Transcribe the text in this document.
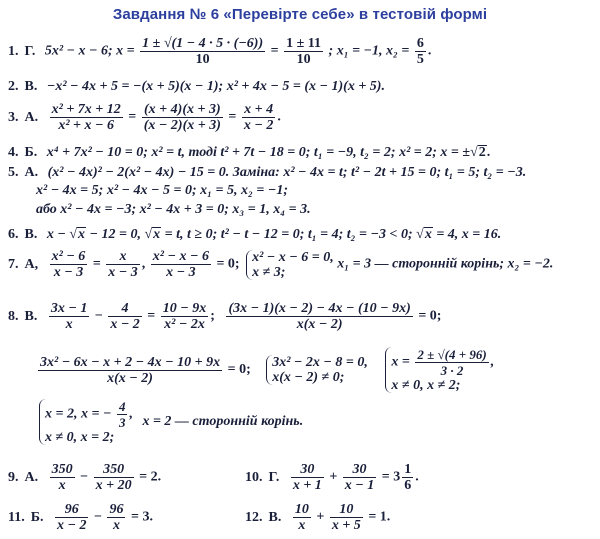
Завдання № 6 «Перевірте себе» в тестовій формі
1. Г. 5x² − x − 6; $x = \frac{1 \pm √(1 - 4 \cdot 5 \cdot (-6))}{10} = \frac{1 \pm 11}{10}$ ; x₁ = −1, $x_2 = \frac{6}{5}$ .
2. В. −x² − 4x + 5 = −(x + 5)(x − 1); x² + 4x − 5 = (x − 1)(x + 5).
3. А. $\frac{\text{x² + 7x + 12}}{\text{x² + x − 6}} = \frac{(x + 4)(x + 3)}{(x - 2)(x + 3)} = \frac{x + 4}{x - 2}$ .
4. Б. x⁴ + 7x² − 10 = 0; x² = t, тоді t² + 7t − 18 = 0; t₁ = −9, t₂ = 2; x² = 2; x = ±√2.
5. А. (x² − 4x)² − 2(x² − 4x) − 15 = 0. Заміна: x² − 4x = t; t² − 2t + 15 = 0; t₁ = 5; t₂ = −3.
x² − 4x = 5; x² − 4x − 5 = 0; x₁ = 5, x₂ = −1;
або x² − 4x = −3; x² − 4x + 3 = 0; x₃ = 1, x₄ = 3.
6. В. x − √x − 12 = 0, √x = t, t ≥ 0; t² − t − 12 = 0; t₁ = 4; t₂ = −3 < 0; √x = 4, x = 16.
7. А, $\frac{\text{x² − 6}}{x - 3} = \frac{x}{x - 3}$ , $\frac{\text{x² − x − 6}}{x - 3} = 0$; x² − x − 6 = 0,
x ≠ 3;
x₁ = 3 — сторонній корінь; x₂ = −2.
8. В. $\frac{3x - 1}{x} - \frac{4}{x - 2} = \frac{10 - 9x}{\text{x² − 2x}}$ ; $\frac{(3x - 1)(x - 2) - 4x - (10 - 9x)}{x(x - 2)} = 0$;
$\frac{\text{3x² − 6x − x + 2 − 4x − 10 + 9x}}{x(x - 2)} = 0$; 3x² − 2x − 8 = 0,
x(x − 2) ≠ 0;

$x = \frac{2 \pm √(4 + 96)}{3 \cdot 2}$ ,
x ≠ 0, x ≠ 2;
x = 2, x = − $\frac{4}{3}$ ,
x ≠ 0, x = 2;
x = 2 — сторонній корінь.
9. А. $\frac{350}{x} - \frac{350}{x + 20} = 2$.	10. Г. $\frac{30}{x + 1} + \frac{30}{x - 1} = 3 \frac{1}{6}$ .
11. Б. $\frac{96}{x - 2} - \frac{96}{x} = 3$.	12. В. $\frac{10}{x} + \frac{10}{x + 5} = 1$.
